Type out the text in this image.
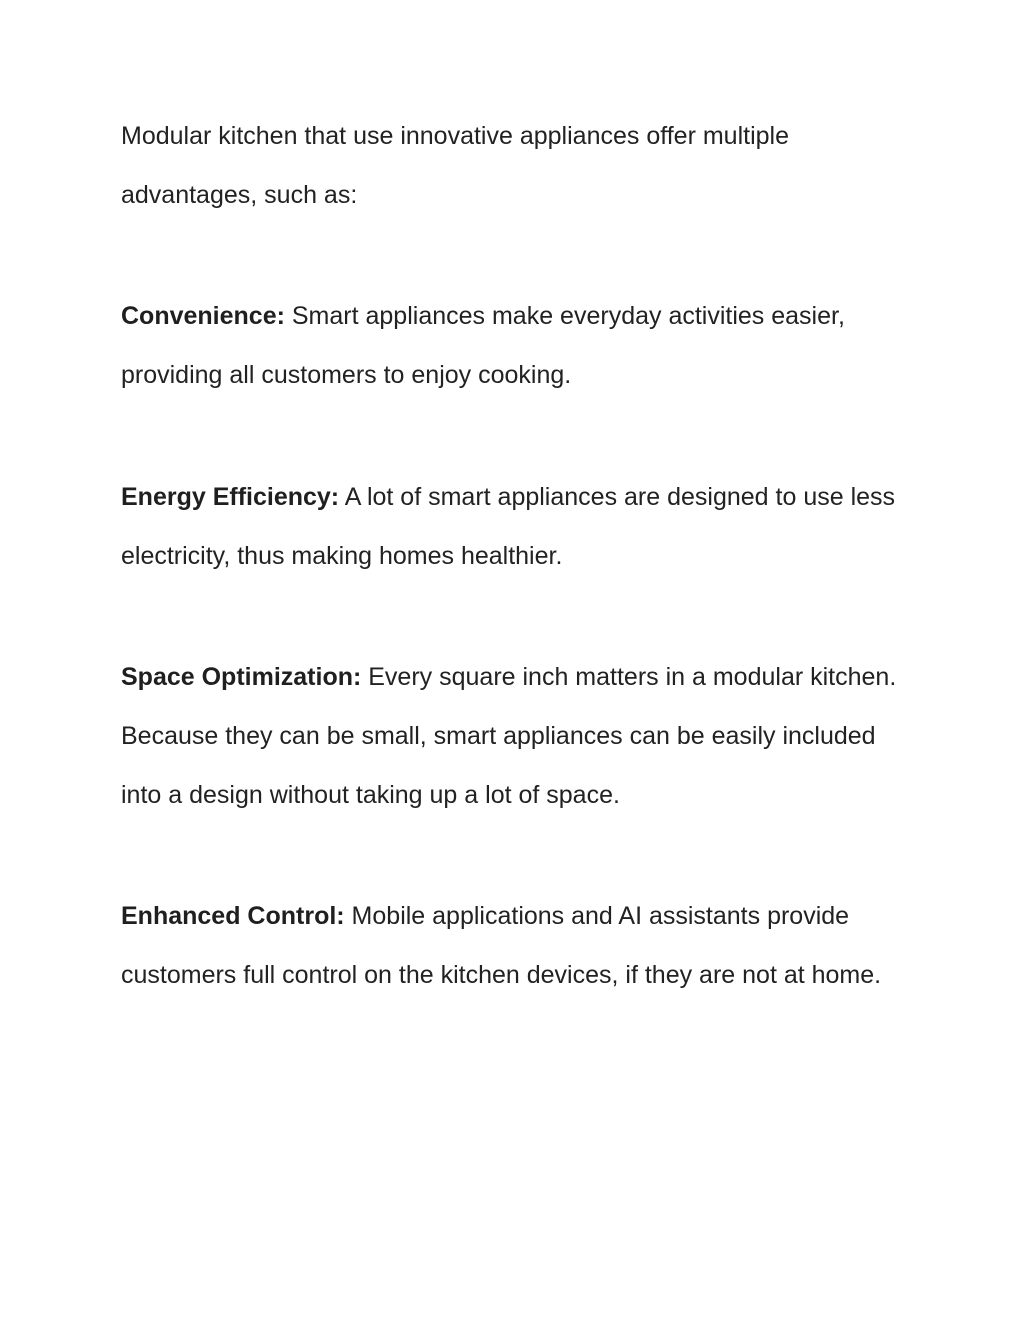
Modular kitchen that use innovative appliances offer multiple advantages, such as:

Convenience: Smart appliances make everyday activities easier, providing all customers to enjoy cooking.

Energy Efficiency: A lot of smart appliances are designed to use less electricity, thus making homes healthier.

Space Optimization: Every square inch matters in a modular kitchen. Because they can be small, smart appliances can be easily included into a design without taking up a lot of space.

Enhanced Control: Mobile applications and AI assistants provide customers full control on the kitchen devices, if they are not at home.
